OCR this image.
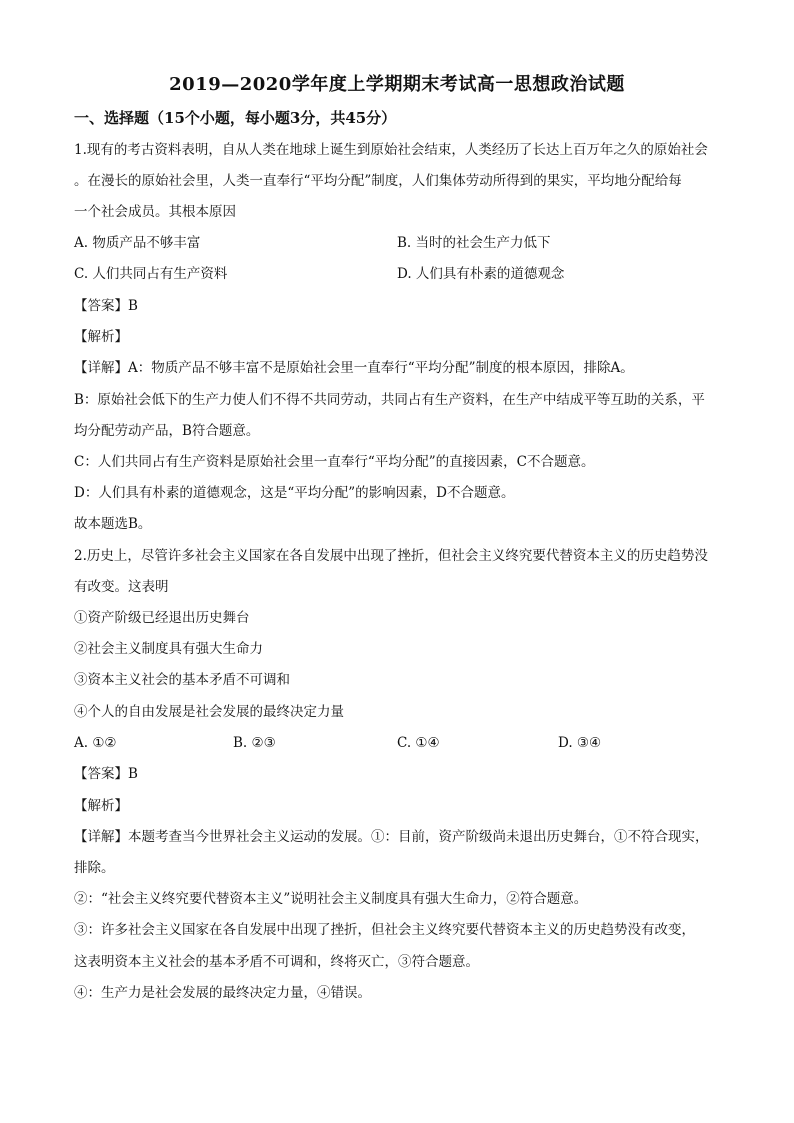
2019—2020学年度上学期期末考试高一思想政治试题
一、选择题（15个小题，每小题3分，共45分）
1.现有的考古资料表明，自从人类在地球上诞生到原始社会结束，人类经历了长达上百万年之久的原始社会
。在漫长的原始社会里，人类一直奉行“平均分配”制度，人们集体劳动所得到的果实，平均地分配给每
一个社会成员。其根本原因
A. 物质产品不够丰富	B. 当时的社会生产力低下
C. 人们共同占有生产资料	D. 人们具有朴素的道德观念
【答案】B
【解析】
【详解】A：物质产品不够丰富不是原始社会里一直奉行“平均分配”制度的根本原因，排除A。
B：原始社会低下的生产力使人们不得不共同劳动，共同占有生产资料，在生产中结成平等互助的关系，平
均分配劳动产品，B符合题意。
C：人们共同占有生产资料是原始社会里一直奉行“平均分配”的直接因素，C不合题意。
D：人们具有朴素的道德观念，这是“平均分配”的影响因素，D不合题意。
故本题选B。
2.历史上，尽管许多社会主义国家在各自发展中出现了挫折，但社会主义终究要代替资本主义的历史趋势没
有改变。这表明
①资产阶级已经退出历史舞台
②社会主义制度具有强大生命力
③资本主义社会的基本矛盾不可调和
④个人的自由发展是社会发展的最终决定力量
A. ①②	B. ②③	C. ①④	D. ③④
【答案】B
【解析】
【详解】本题考查当今世界社会主义运动的发展。①：目前，资产阶级尚未退出历史舞台，①不符合现实，
排除。
②：“社会主义终究要代替资本主义”说明社会主义制度具有强大生命力，②符合题意。
③：许多社会主义国家在各自发展中出现了挫折，但社会主义终究要代替资本主义的历史趋势没有改变，
这表明资本主义社会的基本矛盾不可调和，终将灭亡，③符合题意。
④：生产力是社会发展的最终决定力量，④错误。
